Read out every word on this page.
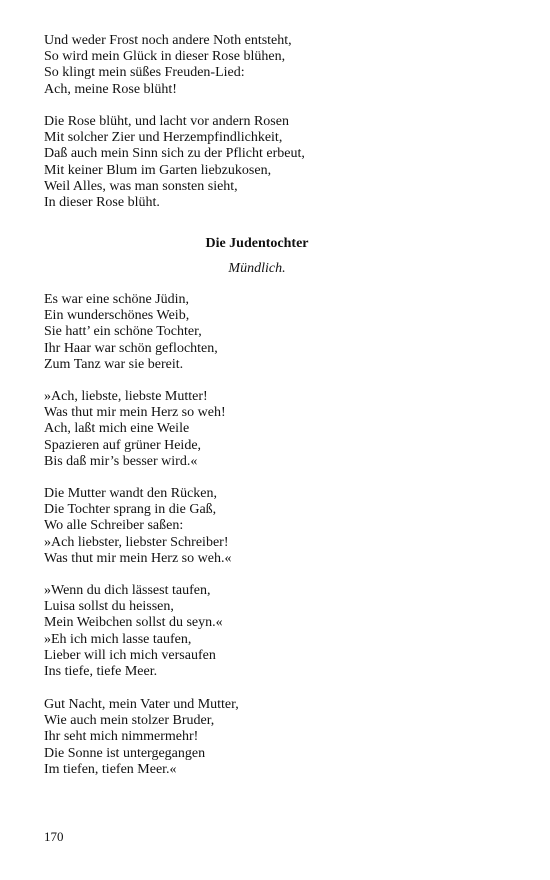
Und weder Frost noch andere Noth entsteht,
So wird mein Glück in dieser Rose blühen,
So klingt mein süßes Freuden-Lied:
Ach, meine Rose blüht!
Die Rose blüht, und lacht vor andern Rosen
Mit solcher Zier und Herzempfindlichkeit,
Daß auch mein Sinn sich zu der Pflicht erbeut,
Mit keiner Blum im Garten liebzukosen,
Weil Alles, was man sonsten sieht,
In dieser Rose blüht.
Die Judentochter
Mündlich.
Es war eine schöne Jüdin,
Ein wunderschönes Weib,
Sie hatt’ ein schöne Tochter,
Ihr Haar war schön geflochten,
Zum Tanz war sie bereit.
»Ach, liebste, liebste Mutter!
Was thut mir mein Herz so weh!
Ach, laßt mich eine Weile
Spazieren auf grüner Heide,
Bis daß mir’s besser wird.«
Die Mutter wandt den Rücken,
Die Tochter sprang in die Gaß,
Wo alle Schreiber saßen:
»Ach liebster, liebster Schreiber!
Was thut mir mein Herz so weh.«
»Wenn du dich lässest taufen,
Luisa sollst du heissen,
Mein Weibchen sollst du seyn.«
»Eh ich mich lasse taufen,
Lieber will ich mich versaufen
Ins tiefe, tiefe Meer.
Gut Nacht, mein Vater und Mutter,
Wie auch mein stolzer Bruder,
Ihr seht mich nimmermehr!
Die Sonne ist untergegangen
Im tiefen, tiefen Meer.«
170
